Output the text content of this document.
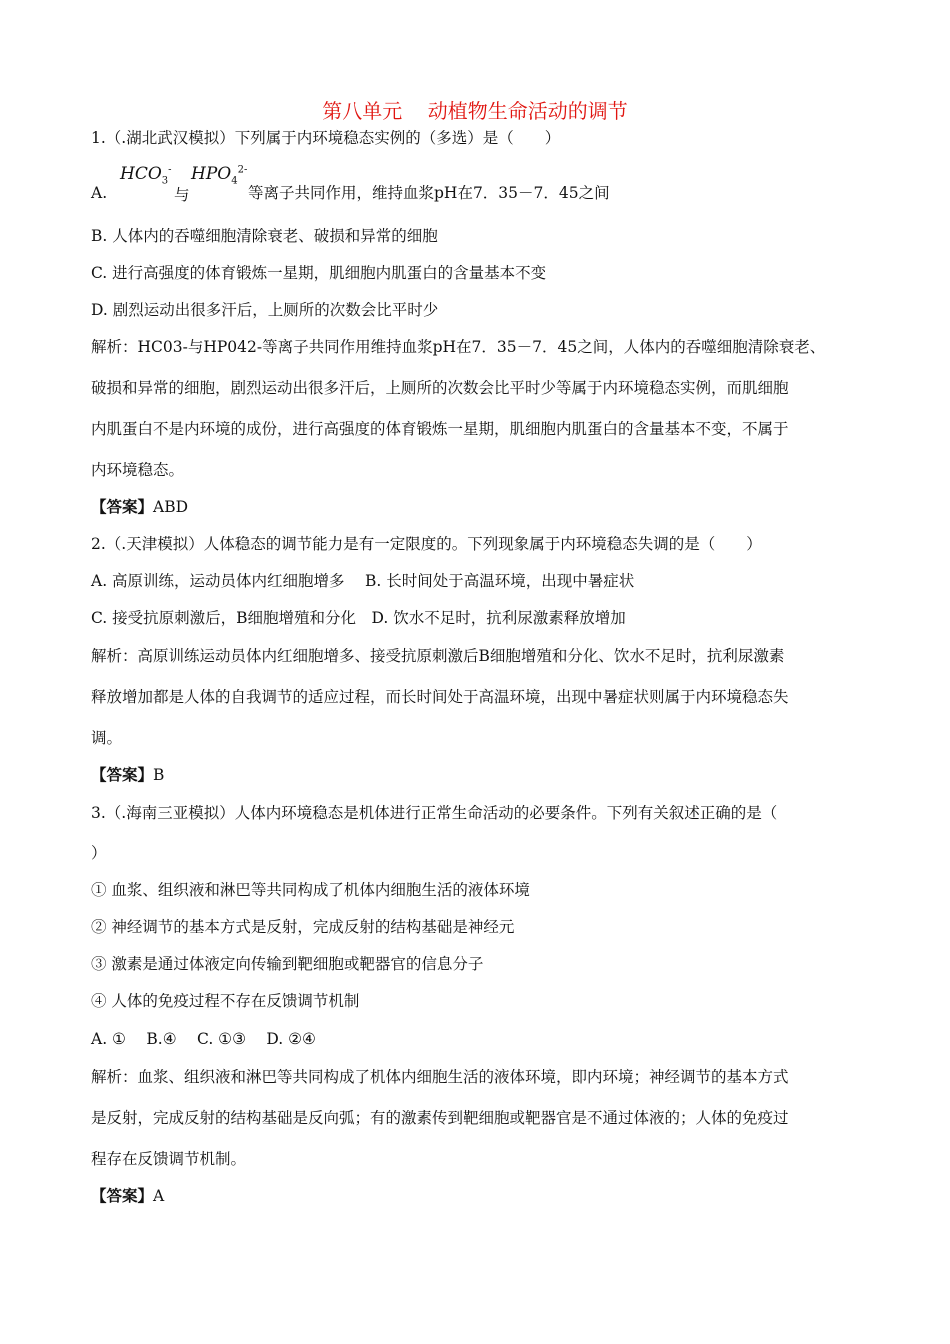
第八单元    动植物生命活动的调节
1.（.湖北武汉模拟）下列属于内环境稳态实例的（多选）是（　　）
$HCO_3^-$ $HPO_4^{2-}$
A.	与	等离子共同作用，维持血浆pH在7．35－7．45之间
B. 人体内的吞噬细胞清除衰老、破损和异常的细胞
C. 进行高强度的体育锻炼一星期，肌细胞内肌蛋白的含量基本不变
D. 剧烈运动出很多汗后，上厕所的次数会比平时少
解析：HC03-与HP042-等离子共同作用维持血浆pH在7．35－7．45之间，人体内的吞噬细胞清除衰老、
破损和异常的细胞，剧烈运动出很多汗后，上厕所的次数会比平时少等属于内环境稳态实例，而肌细胞
内肌蛋白不是内环境的成份，进行高强度的体育锻炼一星期，肌细胞内肌蛋白的含量基本不变，不属于
内环境稳态。
【答案】ABD
2.（.天津模拟）人体稳态的调节能力是有一定限度的。下列现象属于内环境稳态失调的是（　　）
A. 高原训练，运动员体内红细胞增多　 B. 长时间处于高温环境，出现中暑症状
C. 接受抗原刺激后，B细胞增殖和分化　D. 饮水不足时，抗利尿激素释放增加
解析：高原训练运动员体内红细胞增多、接受抗原刺激后B细胞增殖和分化、饮水不足时，抗利尿激素
释放增加都是人体的自我调节的适应过程，而长时间处于高温环境，出现中暑症状则属于内环境稳态失
调。
【答案】B
3.（.海南三亚模拟）人体内环境稳态是机体进行正常生命活动的必要条件。下列有关叙述正确的是（
）
① 血浆、组织液和淋巴等共同构成了机体内细胞生活的液体环境
② 神经调节的基本方式是反射，完成反射的结构基础是神经元
③ 激素是通过体液定向传输到靶细胞或靶器官的信息分子
④ 人体的免疫过程不存在反馈调节机制
A. ①　 B.④　 C. ①③　 D. ②④
解析：血浆、组织液和淋巴等共同构成了机体内细胞生活的液体环境，即内环境；神经调节的基本方式
是反射，完成反射的结构基础是反向弧；有的激素传到靶细胞或靶器官是不通过体液的；人体的免疫过
程存在反馈调节机制。
【答案】A
